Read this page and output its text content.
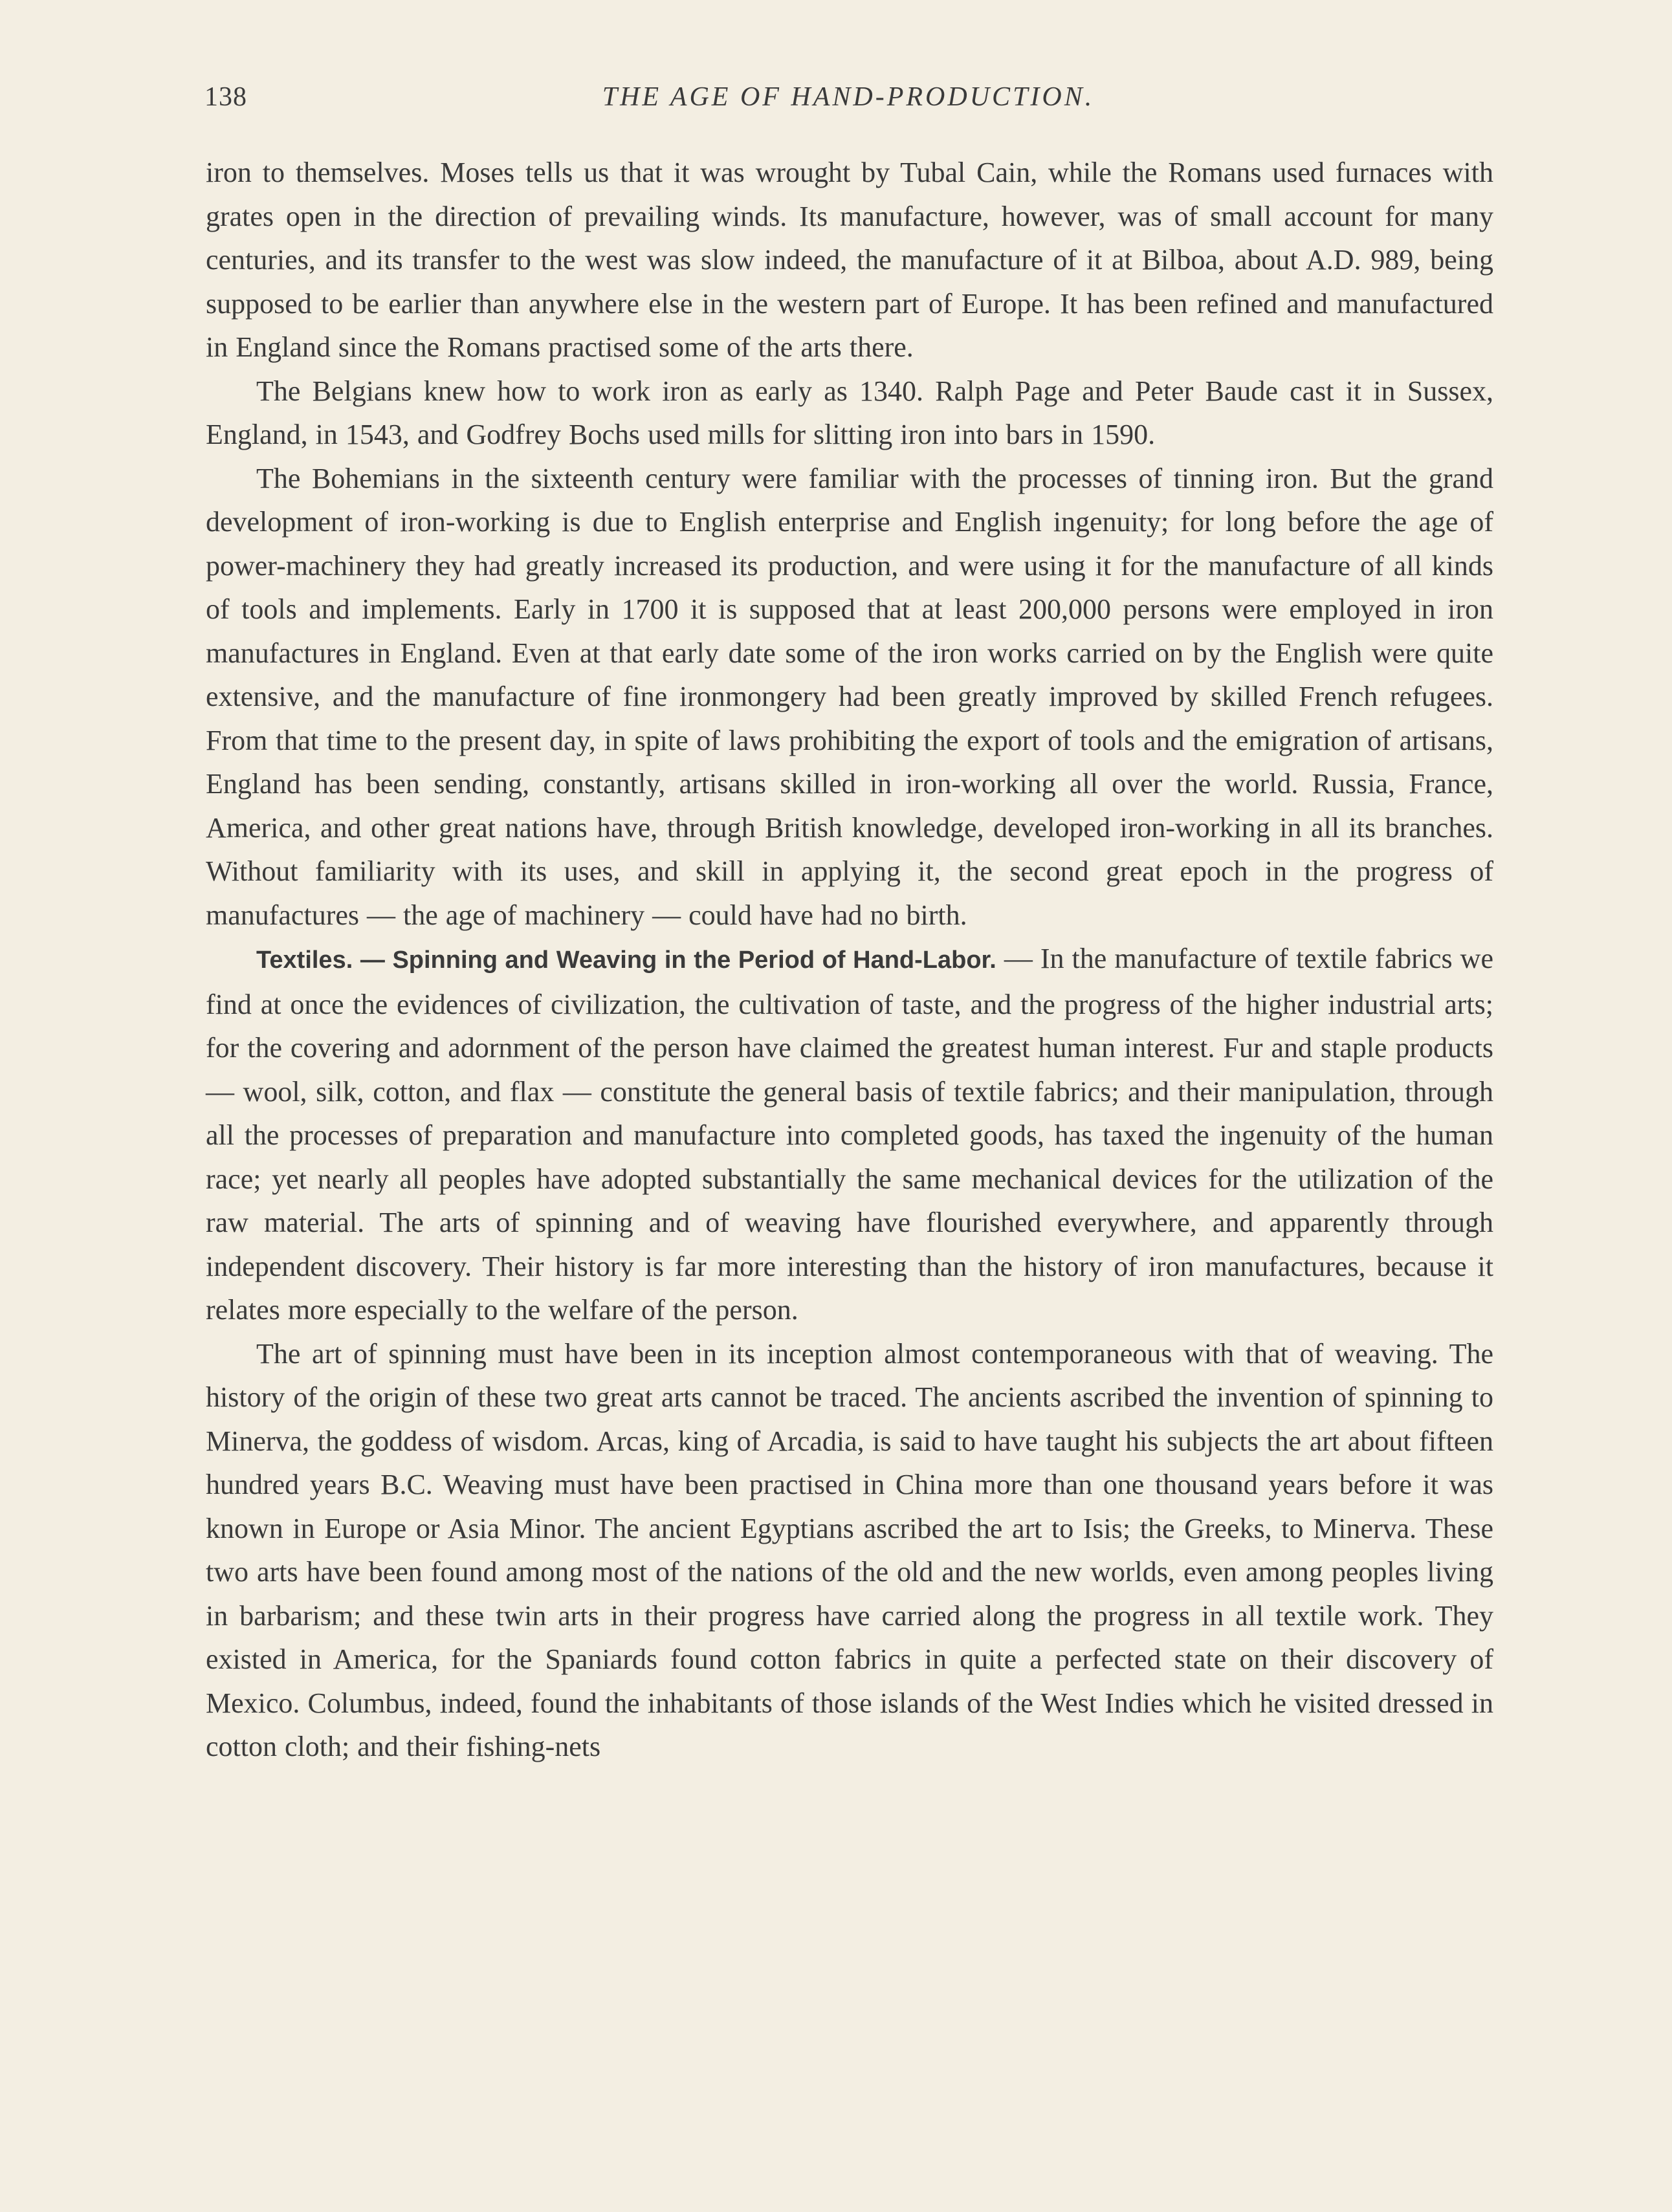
138	THE AGE OF HAND-PRODUCTION.

iron to themselves. Moses tells us that it was wrought by Tubal Cain, while the Romans used furnaces with grates open in the direction of prevailing winds. Its manufacture, however, was of small account for many centuries, and its transfer to the west was slow indeed, the manufacture of it at Bilboa, about A.D. 989, being supposed to be earlier than anywhere else in the western part of Europe. It has been refined and manufactured in England since the Romans practised some of the arts there.

The Belgians knew how to work iron as early as 1340. Ralph Page and Peter Baude cast it in Sussex, England, in 1543, and Godfrey Bochs used mills for slitting iron into bars in 1590.

The Bohemians in the sixteenth century were familiar with the processes of tinning iron. But the grand development of iron-working is due to English enterprise and English ingenuity; for long before the age of power-machinery they had greatly increased its production, and were using it for the manufacture of all kinds of tools and implements. Early in 1700 it is supposed that at least 200,000 persons were employed in iron manufactures in England. Even at that early date some of the iron works carried on by the English were quite extensive, and the manufacture of fine ironmongery had been greatly improved by skilled French refugees. From that time to the present day, in spite of laws prohibiting the export of tools and the emigration of artisans, England has been sending, constantly, artisans skilled in iron-working all over the world. Russia, France, America, and other great nations have, through British knowledge, developed iron-working in all its branches. Without familiarity with its uses, and skill in applying it, the second great epoch in the progress of manufactures — the age of machinery — could have had no birth.

Textiles. — Spinning and Weaving in the Period of Hand-Labor. — In the manufacture of textile fabrics we find at once the evidences of civilization, the cultivation of taste, and the progress of the higher industrial arts; for the covering and adornment of the person have claimed the greatest human interest. Fur and staple products — wool, silk, cotton, and flax — constitute the general basis of textile fabrics; and their manipulation, through all the processes of preparation and manufacture into completed goods, has taxed the ingenuity of the human race; yet nearly all peoples have adopted substantially the same mechanical devices for the utilization of the raw material. The arts of spinning and of weaving have flourished everywhere, and apparently through independent discovery. Their history is far more interesting than the history of iron manufactures, because it relates more especially to the welfare of the person.

The art of spinning must have been in its inception almost contemporaneous with that of weaving. The history of the origin of these two great arts cannot be traced. The ancients ascribed the invention of spinning to Minerva, the goddess of wisdom. Arcas, king of Arcadia, is said to have taught his subjects the art about fifteen hundred years B.C. Weaving must have been practised in China more than one thousand years before it was known in Europe or Asia Minor. The ancient Egyptians ascribed the art to Isis; the Greeks, to Minerva. These two arts have been found among most of the nations of the old and the new worlds, even among peoples living in barbarism; and these twin arts in their progress have carried along the progress in all textile work. They existed in America, for the Spaniards found cotton fabrics in quite a perfected state on their discovery of Mexico. Columbus, indeed, found the inhabitants of those islands of the West Indies which he visited dressed in cotton cloth; and their fishing-nets
